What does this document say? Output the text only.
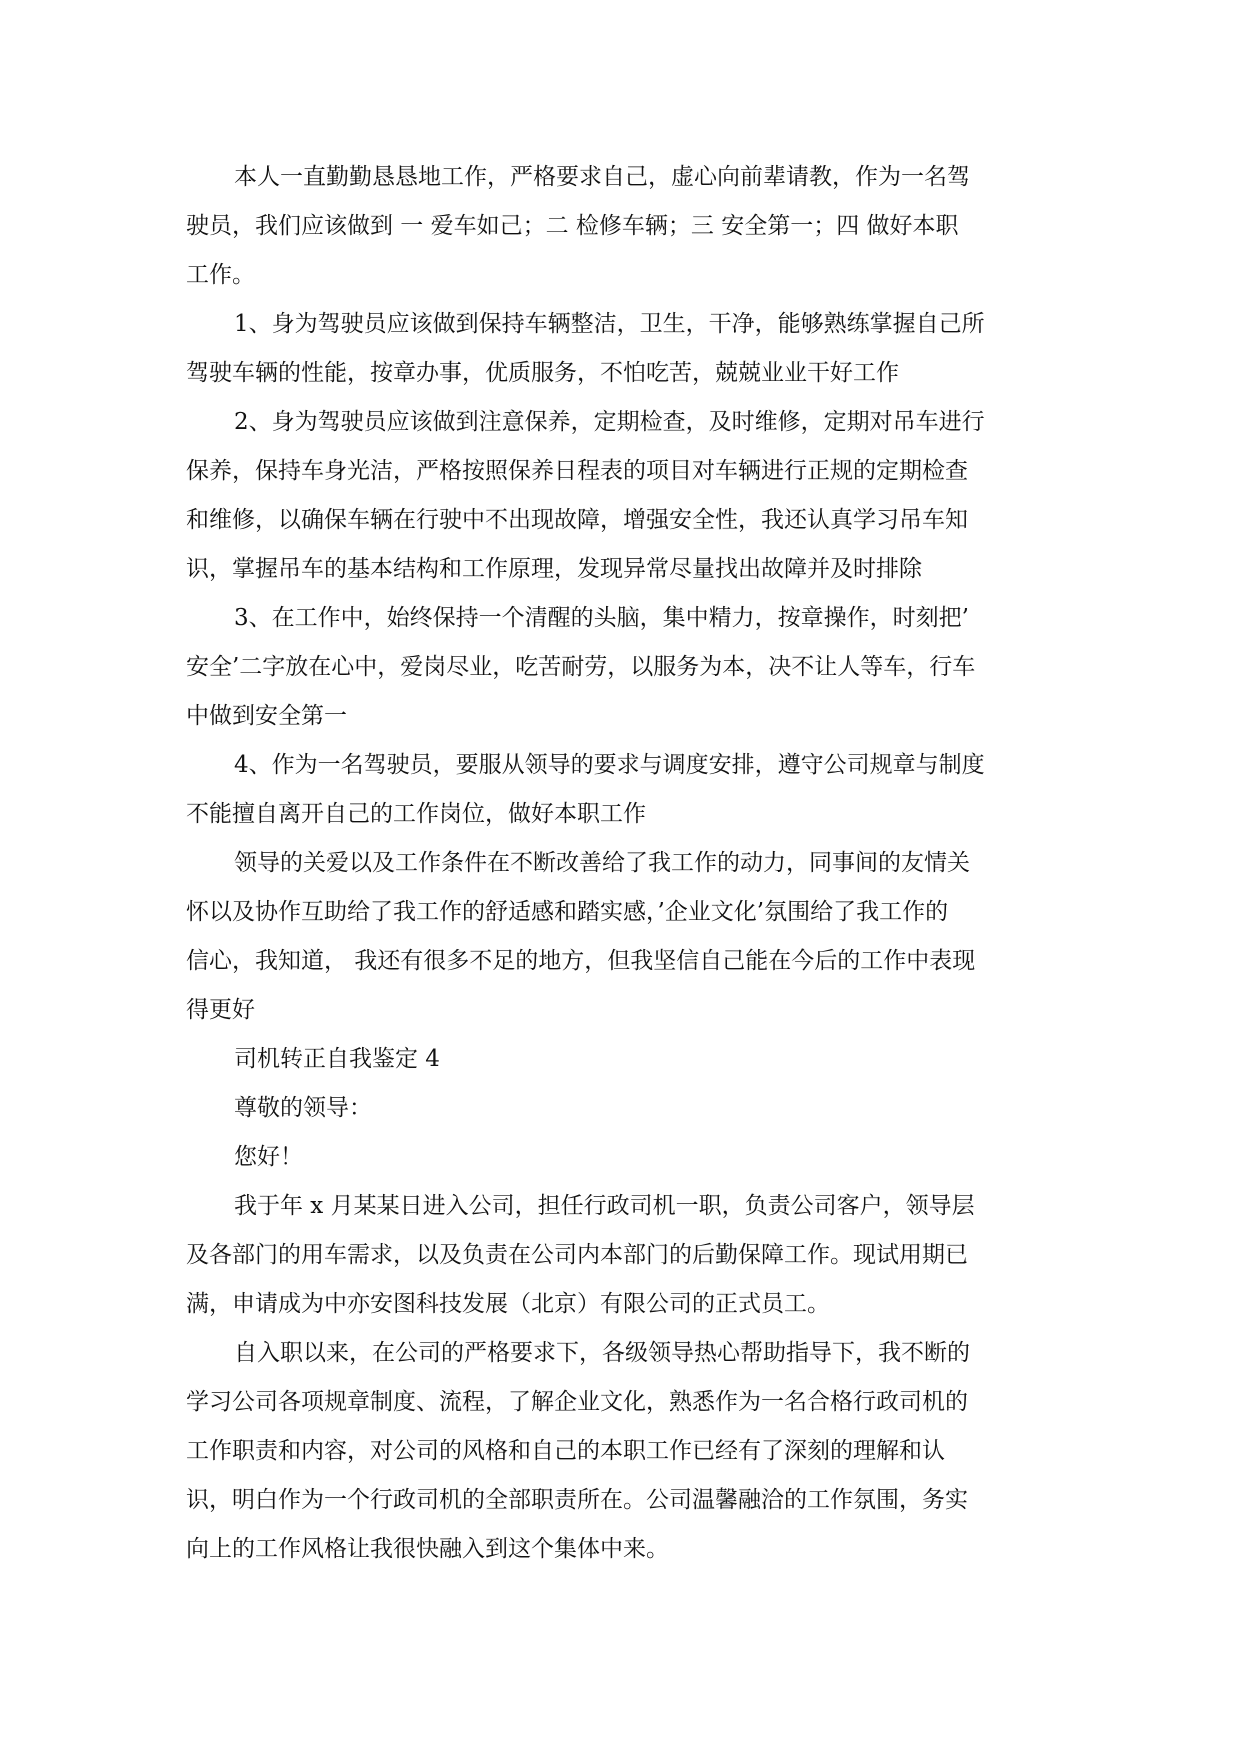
本人一直勤勤恳恳地工作，严格要求自己，虚心向前辈请教，作为一名驾
驶员，我们应该做到 一 爱车如己；二 检修车辆；三 安全第一；四 做好本职
工作。
1、身为驾驶员应该做到保持车辆整洁，卫生，干净，能够熟练掌握自己所
驾驶车辆的性能，按章办事，优质服务，不怕吃苦，兢兢业业干好工作
2、身为驾驶员应该做到注意保养，定期检查，及时维修，定期对吊车进行
保养，保持车身光洁，严格按照保养日程表的项目对车辆进行正规的定期检查
和维修，以确保车辆在行驶中不出现故障，增强安全性，我还认真学习吊车知
识，掌握吊车的基本结构和工作原理，发现异常尽量找出故障并及时排除
3、在工作中，始终保持一个清醒的头脑，集中精力，按章操作，时刻把’
安全’二字放在心中，爱岗尽业，吃苦耐劳，以服务为本，决不让人等车，行车
中做到安全第一
4、作为一名驾驶员，要服从领导的要求与调度安排，遵守公司规章与制度
不能擅自离开自己的工作岗位，做好本职工作
领导的关爱以及工作条件在不断改善给了我工作的动力，同事间的友情关
怀以及协作互助给了我工作的舒适感和踏实感，’企业文化’氛围给了我工作的
信心，我知道， 我还有很多不足的地方，但我坚信自己能在今后的工作中表现
得更好
司机转正自我鉴定 4
尊敬的领导：
您好！
我于年 x 月某某日进入公司，担任行政司机一职，负责公司客户，领导层
及各部门的用车需求，以及负责在公司内本部门的后勤保障工作。现试用期已
满，申请成为中亦安图科技发展（北京）有限公司的正式员工。
自入职以来，在公司的严格要求下，各级领导热心帮助指导下，我不断的
学习公司各项规章制度、流程，了解企业文化，熟悉作为一名合格行政司机的
工作职责和内容，对公司的风格和自己的本职工作已经有了深刻的理解和认
识，明白作为一个行政司机的全部职责所在。公司温馨融洽的工作氛围，务实
向上的工作风格让我很快融入到这个集体中来。
